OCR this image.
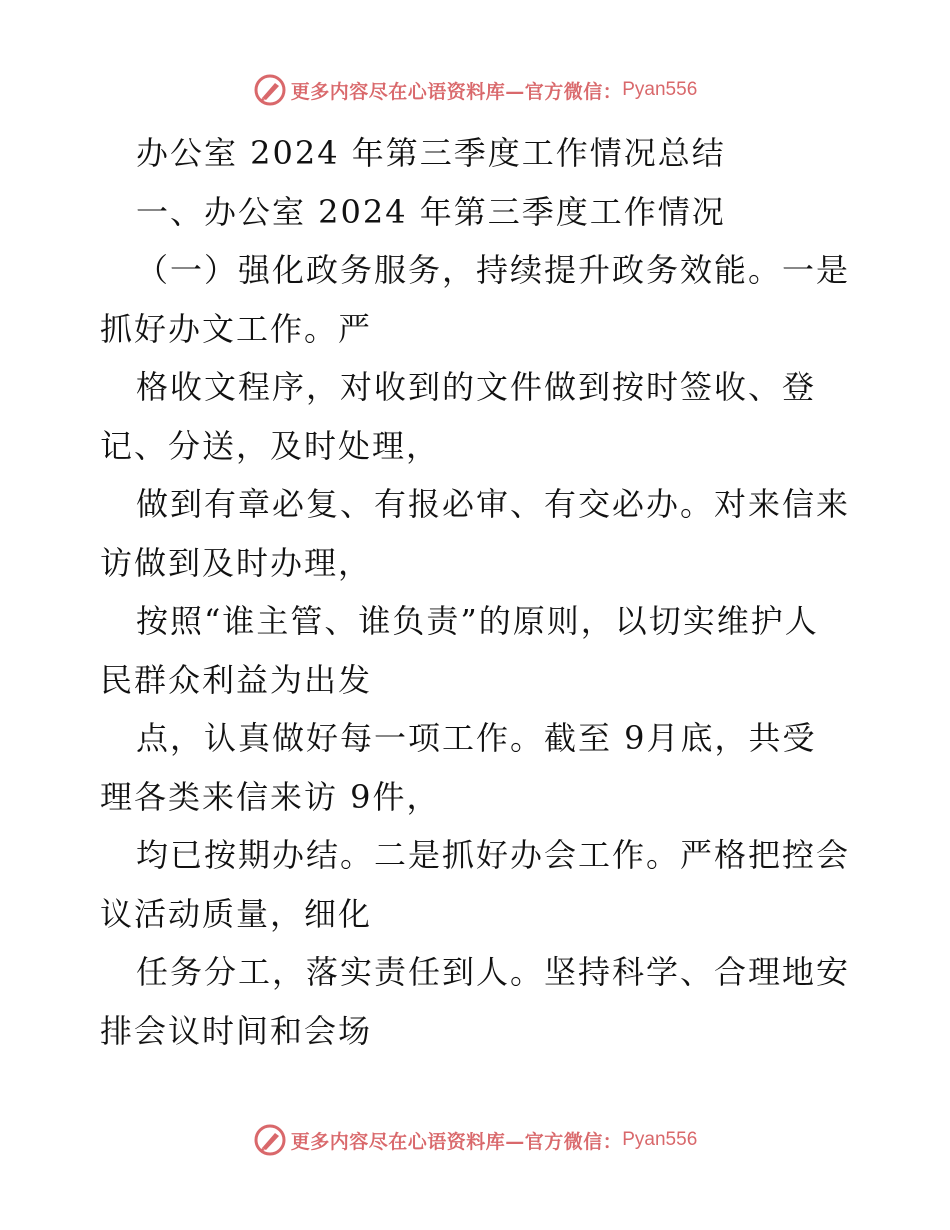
更多内容尽在心语资料库—官方微信： Pyan556
办公室 2024 年第三季度工作情况总结
一、办公室 2024 年第三季度工作情况
（一）强化政务服务，持续提升政务效能。一是
抓好办文工作。严
格收文程序，对收到的文件做到按时签收、登
记、分送，及时处理，
做到有章必复、有报必审、有交必办。对来信来
访做到及时办理，
按照“谁主管、谁负责”的原则，以切实维护人
民群众利益为出发
点，认真做好每一项工作。截至 9月底，共受
理各类来信来访 9件，
均已按期办结。二是抓好办会工作。严格把控会
议活动质量，细化
任务分工，落实责任到人。坚持科学、合理地安
排会议时间和会场
更多内容尽在心语资料库—官方微信： Pyan556
